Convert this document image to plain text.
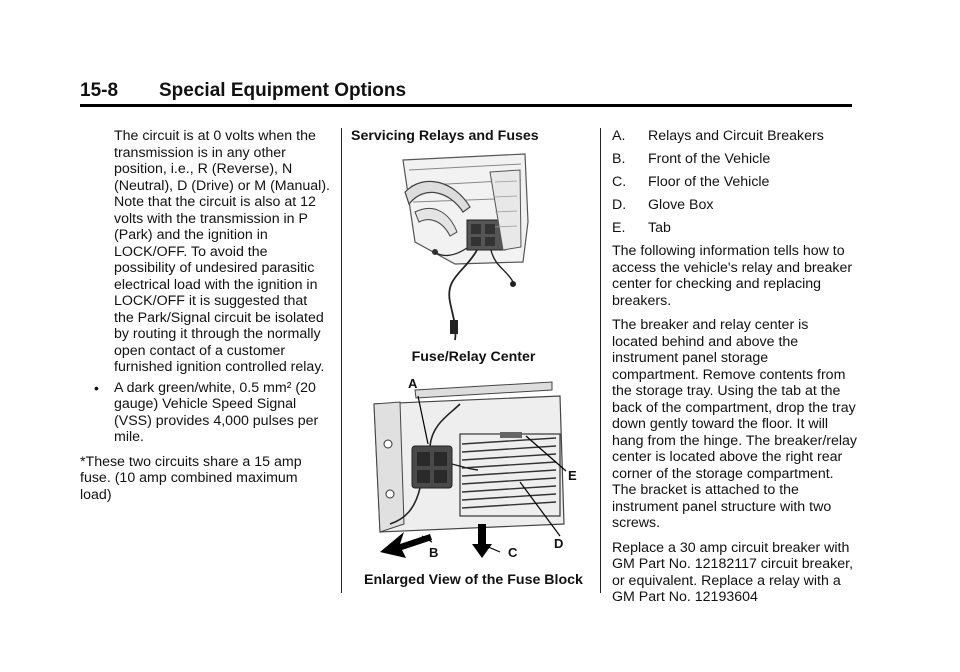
15-8 Special Equipment Options

The circuit is at 0 volts when the transmission is in any other position, i.e., R (Reverse), N (Neutral), D (Drive) or M (Manual). Note that the circuit is also at 12 volts with the transmission in P (Park) and the ignition in LOCK/OFF. To avoid the possibility of undesired parasitic electrical load with the ignition in LOCK/OFF it is suggested that the Park/Signal circuit be isolated by routing it through the normally open contact of a customer furnished ignition controlled relay.

• A dark green/white, 0.5 mm² (20 gauge) Vehicle Speed Signal (VSS) provides 4,000 pulses per mile.

*These two circuits share a 15 amp fuse. (10 amp combined maximum load)

Servicing Relays and Fuses

Fuse/Relay Center
A
E
D
B	C
Enlarged View of the Fuse Block
A. Relays and Circuit Breakers
B. Front of the Vehicle
C. Floor of the Vehicle
D. Glove Box
E. Tab

The following information tells how to access the vehicle's relay and breaker center for checking and replacing breakers.

The breaker and relay center is located behind and above the instrument panel storage compartment. Remove contents from the storage tray. Using the tab at the back of the compartment, drop the tray down gently toward the floor. It will hang from the hinge. The breaker/relay center is located above the right rear corner of the storage compartment. The bracket is attached to the instrument panel structure with two screws.

Replace a 30 amp circuit breaker with GM Part No. 12182117 circuit breaker, or equivalent. Replace a relay with a GM Part No. 12193604
